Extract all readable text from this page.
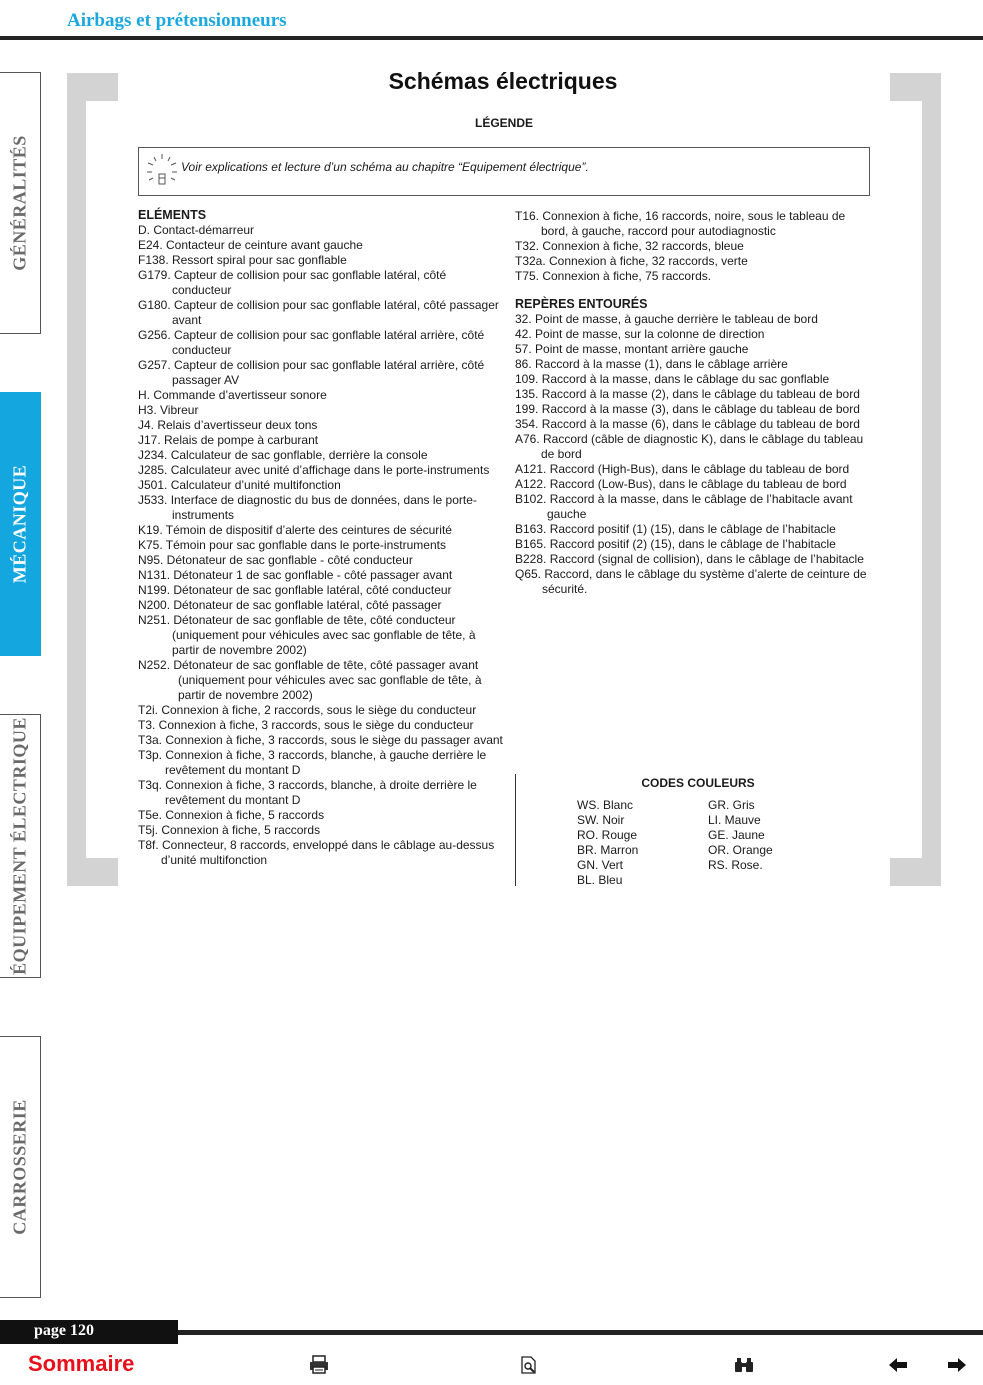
Airbags et prétensionneurs
GÉNÉRALITÉS
MÉCANIQUE
ÉQUIPEMENT ÉLECTRIQUE
CARROSSERIE
Schémas électriques
LÉGENDE
Voir explications et lecture d’un schéma au chapitre “Equipement électrique”.
ELÉMENTS
D. Contact-démarreur
E24. Contacteur de ceinture avant gauche
F138. Ressort spiral pour sac gonflable
G179. Capteur de collision pour sac gonflable latéral, côté conducteur
G180. Capteur de collision pour sac gonflable latéral, côté passager avant
G256. Capteur de collision pour sac gonflable latéral arrière, côté conducteur
G257. Capteur de collision pour sac gonflable latéral arrière, côté passager AV
H. Commande d’avertisseur sonore
H3. Vibreur
J4. Relais d’avertisseur deux tons
J17. Relais de pompe à carburant
J234. Calculateur de sac gonflable, derrière la console
J285. Calculateur avec unité d’affichage dans le porte-instruments
J501. Calculateur d’unité multifonction
J533. Interface de diagnostic du bus de données, dans le porte-instruments
K19. Témoin de dispositif d’alerte des ceintures de sécurité
K75. Témoin pour sac gonflable dans le porte-instruments
N95. Détonateur de sac gonflable - côté conducteur
N131. Détonateur 1 de sac gonflable - côté passager avant
N199. Détonateur de sac gonflable latéral, côté conducteur
N200. Détonateur de sac gonflable latéral, côté passager
N251. Détonateur de sac gonflable de tête, côté conducteur (uniquement pour véhicules avec sac gonflable de tête, à partir de novembre 2002)
N252. Détonateur de sac gonflable de tête, côté passager avant (uniquement pour véhicules avec sac gonflable de tête, à partir de novembre 2002)
T2i. Connexion à fiche, 2 raccords, sous le siège du conducteur
T3. Connexion à fiche, 3 raccords, sous le siège du conducteur
T3a. Connexion à fiche, 3 raccords, sous le siège du passager avant
T3p. Connexion à fiche, 3 raccords, blanche, à gauche derrière le revêtement du montant D
T3q. Connexion à fiche, 3 raccords, blanche, à droite derrière le revêtement du montant D
T5e. Connexion à fiche, 5 raccords
T5j. Connexion à fiche, 5 raccords
T8f. Connecteur, 8 raccords, enveloppé dans le câblage au-dessus d’unité multifonction
T16. Connexion à fiche, 16 raccords, noire, sous le tableau de bord, à gauche, raccord pour autodiagnostic
T32. Connexion à fiche, 32 raccords, bleue
T32a. Connexion à fiche, 32 raccords, verte
T75. Connexion à fiche, 75 raccords.
REPÈRES ENTOURÉS
32. Point de masse, à gauche derrière le tableau de bord
42. Point de masse, sur la colonne de direction
57. Point de masse, montant arrière gauche
86. Raccord à la masse (1), dans le câblage arrière
109. Raccord à la masse, dans le câblage du sac gonflable
135. Raccord à la masse (2), dans le câblage du tableau de bord
199. Raccord à la masse (3), dans le câblage du tableau de bord
354. Raccord à la masse (6), dans le câblage du tableau de bord
A76. Raccord (câble de diagnostic K), dans le câblage du tableau de bord
A121. Raccord (High-Bus), dans le câblage du tableau de bord
A122. Raccord (Low-Bus), dans le câblage du tableau de bord
B102. Raccord à la masse, dans le câblage de l’habitacle avant gauche
B163. Raccord positif (1) (15), dans le câblage de l’habitacle
B165. Raccord positif (2) (15), dans le câblage de l’habitacle
B228. Raccord (signal de collision), dans le câblage de l’habitacle
Q65. Raccord, dans le câblage du système d’alerte de ceinture de sécurité.
CODES COULEURS
WS. Blanc
SW. Noir
RO. Rouge
BR. Marron
GN. Vert
BL. Bleu
GR. Gris
LI. Mauve
GE. Jaune
OR. Orange
RS. Rose.
page 120
Sommaire
